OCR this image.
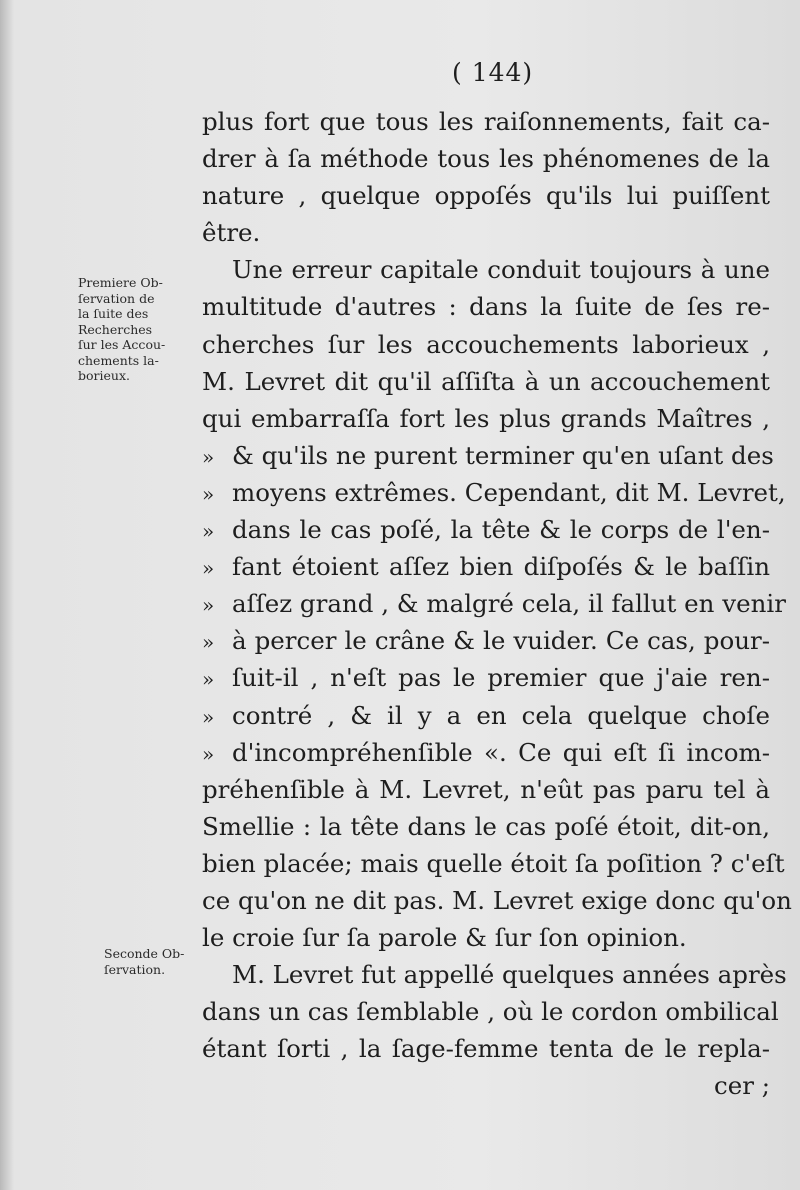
( 144)
Premiere Ob-
ſervation de
la ſuite des
Recherches
ſur les Accou-
chements la-
borieux.
Seconde Ob-
ſervation.
plus fort que tous les raiſonnements, fait ca-
drer à ſa méthode tous les phénomenes de la
nature , quelque oppoſés qu'ils lui puiſſent
être.
Une erreur capitale conduit toujours à une
multitude d'autres : dans la ſuite de ſes re-
cherches ſur les accouchements laborieux ,
M. Levret dit qu'il aſſiſta à un accouchement
qui embarraſſa fort les plus grands Maîtres ,
» & qu'ils ne purent terminer qu'en uſant des
» moyens extrêmes. Cependant, dit M. Levret,
» dans le cas poſé, la tête & le corps de l'en-
» fant étoient aſſez bien diſpoſés & le baſſin
» aſſez grand , & malgré cela, il fallut en venir
» à percer le crâne & le vuider. Ce cas, pour-
» ſuit-il , n'eſt pas le premier que j'aie ren-
» contré , & il y a en cela quelque choſe
» d'incompréhenſible «. Ce qui eſt ſi incom-
préhenſible à M. Levret, n'eût pas paru tel à
Smellie : la tête dans le cas poſé étoit, dit-on,
bien placée; mais quelle étoit ſa poſition ? c'eſt
ce qu'on ne dit pas. M. Levret exige donc qu'on
le croie ſur ſa parole & ſur ſon opinion.
M. Levret fut appellé quelques années après
dans un cas ſemblable , où le cordon ombilical
étant ſorti , la ſage-femme tenta de le repla-
cer ;
